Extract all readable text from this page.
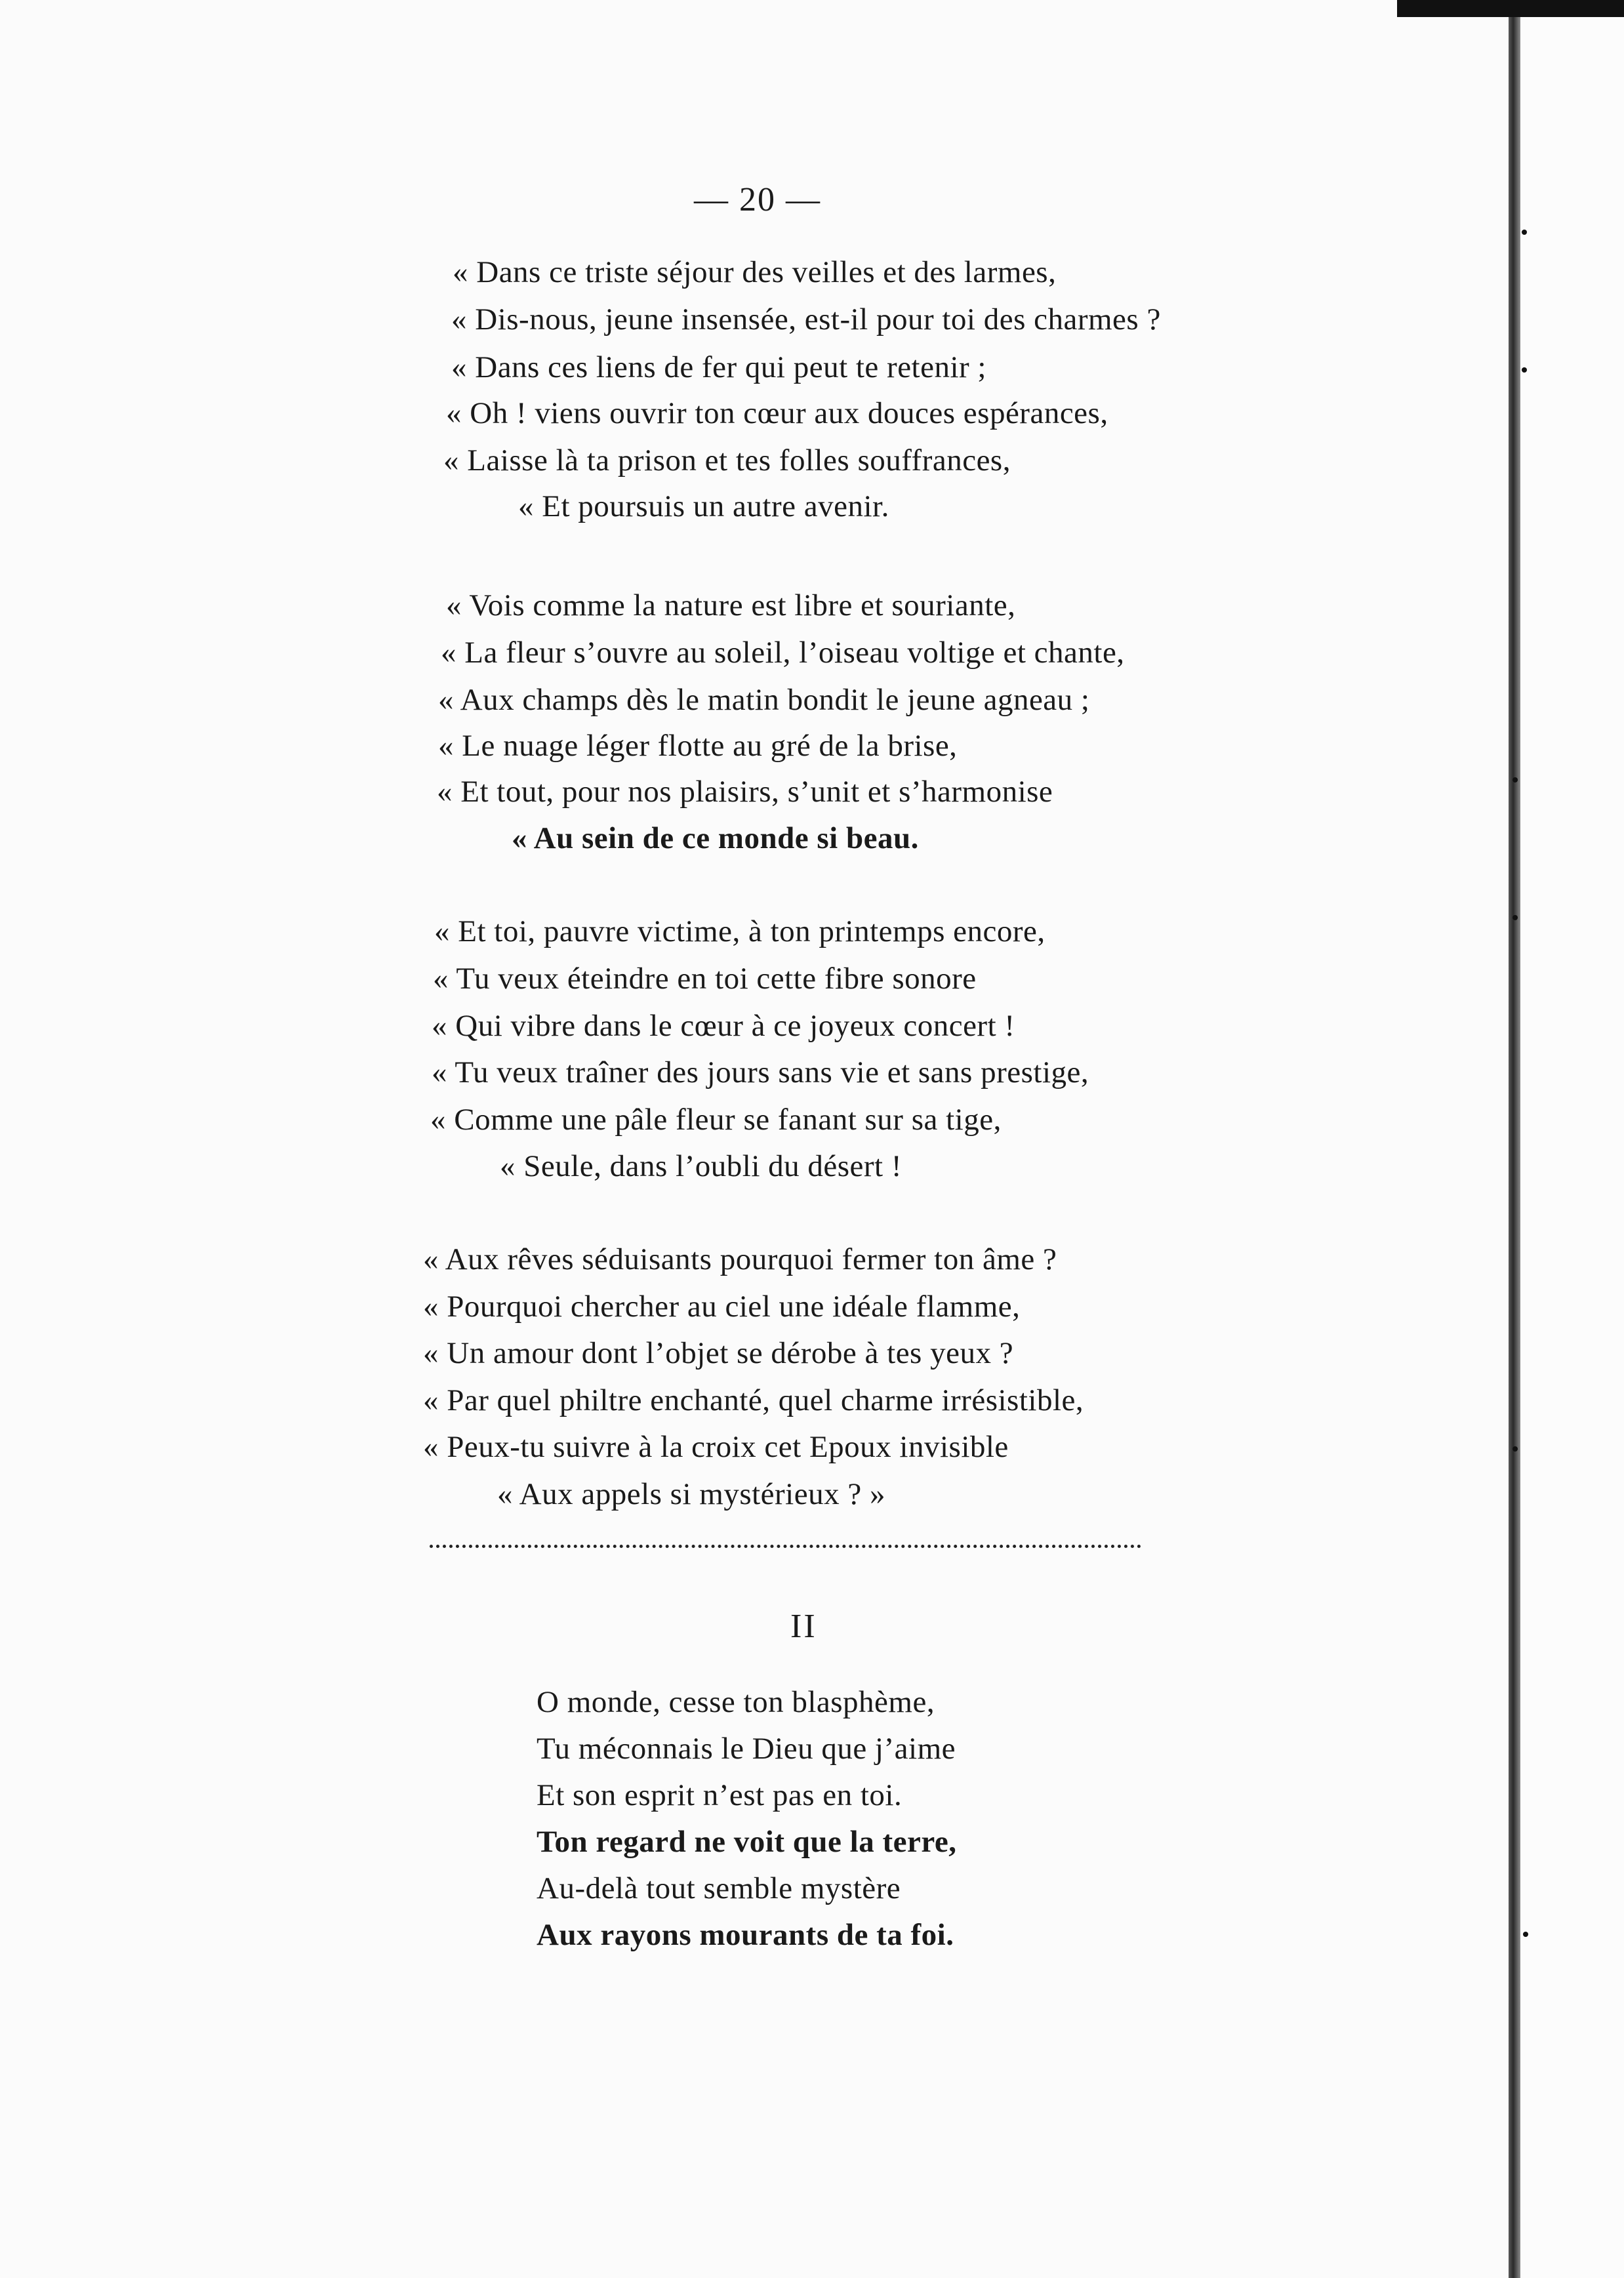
— 20 —
« Dans ce triste séjour des veilles et des larmes,
« Dis-nous, jeune insensée, est-il pour toi des charmes ?
« Dans ces liens de fer qui peut te retenir ;
« Oh ! viens ouvrir ton cœur aux douces espérances,
« Laisse là ta prison et tes folles souffrances,
« Et poursuis un autre avenir.
« Vois comme la nature est libre et souriante,
« La fleur s’ouvre au soleil, l’oiseau voltige et chante,
« Aux champs dès le matin bondit le jeune agneau ;
« Le nuage léger flotte au gré de la brise,
« Et tout, pour nos plaisirs, s’unit et s’harmonise
« Au sein de ce monde si beau.
« Et toi, pauvre victime, à ton printemps encore,
« Tu veux éteindre en toi cette fibre sonore
« Qui vibre dans le cœur à ce joyeux concert !
« Tu veux traîner des jours sans vie et sans prestige,
« Comme une pâle fleur se fanant sur sa tige,
« Seule, dans l’oubli du désert !
« Aux rêves séduisants pourquoi fermer ton âme ?
« Pourquoi chercher au ciel une idéale flamme,
« Un amour dont l’objet se dérobe à tes yeux ?
« Par quel philtre enchanté, quel charme irrésistible,
« Peux-tu suivre à la croix cet Epoux invisible
« Aux appels si mystérieux ? »
II
O monde, cesse ton blasphème,
Tu méconnais le Dieu que j’aime
Et son esprit n’est pas en toi.
Ton regard ne voit que la terre,
Au-delà tout semble mystère
Aux rayons mourants de ta foi.
